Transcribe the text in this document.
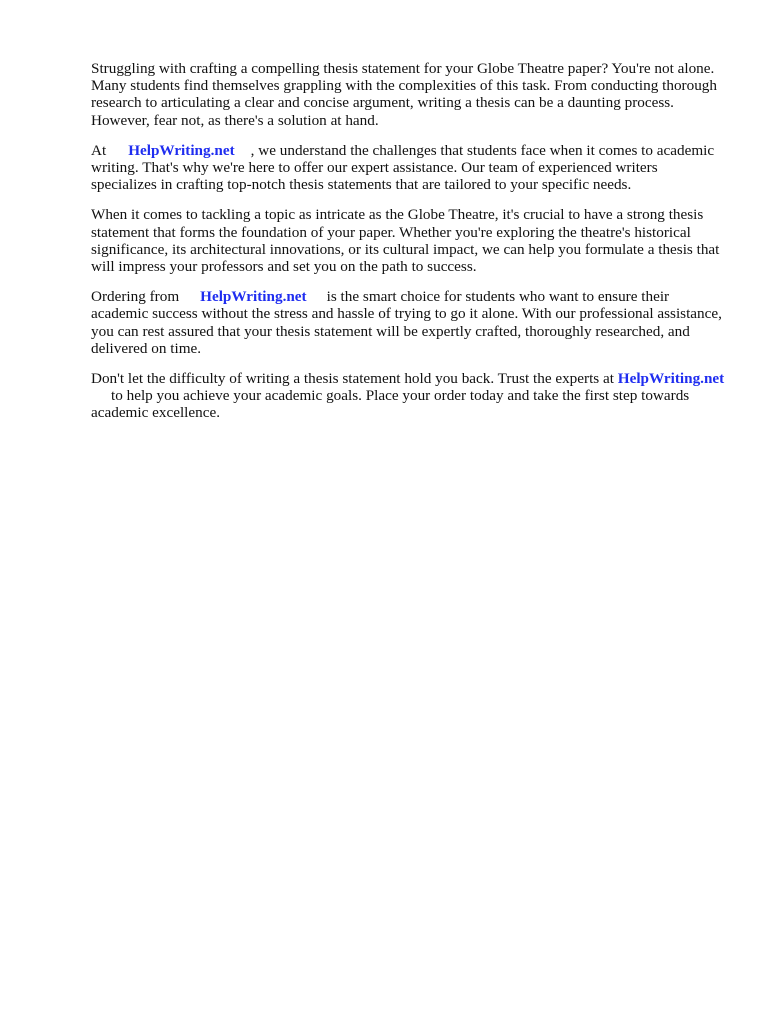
Struggling with crafting a compelling thesis statement for your Globe Theatre paper? You're not alone. Many students find themselves grappling with the complexities of this task. From conducting thorough research to articulating a clear and concise argument, writing a thesis can be a daunting process. However, fear not, as there's a solution at hand.

At HelpWriting.net , we understand the challenges that students face when it comes to academic writing. That's why we're here to offer our expert assistance. Our team of experienced writers specializes in crafting top-notch thesis statements that are tailored to your specific needs.

When it comes to tackling a topic as intricate as the Globe Theatre, it's crucial to have a strong thesis statement that forms the foundation of your paper. Whether you're exploring the theatre's historical significance, its architectural innovations, or its cultural impact, we can help you formulate a thesis that will impress your professors and set you on the path to success.

Ordering from HelpWriting.net is the smart choice for students who want to ensure their academic success without the stress and hassle of trying to go it alone. With our professional assistance, you can rest assured that your thesis statement will be expertly crafted, thoroughly researched, and delivered on time.

Don't let the difficulty of writing a thesis statement hold you back. Trust the experts at HelpWriting.netto help you achieve your academic goals. Place your order today and take the first step towards academic excellence.
